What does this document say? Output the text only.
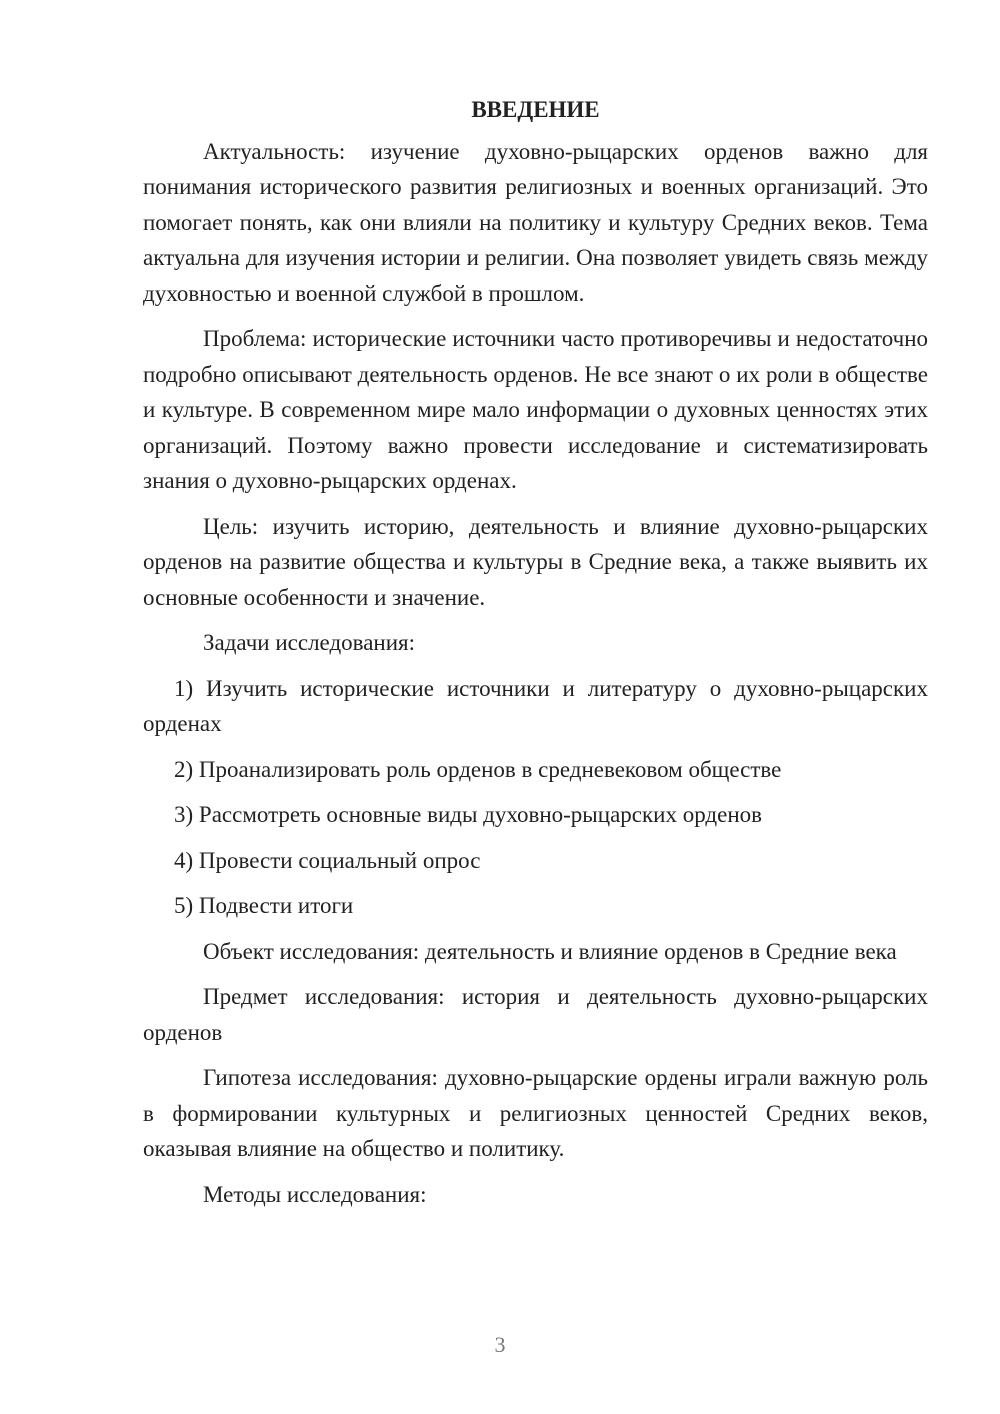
ВВЕДЕНИЕ

Актуальность: изучение духовно-рыцарских орденов важно для понимания исторического развития религиозных и военных организаций. Это помогает понять, как они влияли на политику и культуру Средних веков. Тема актуальна для изучения истории и религии. Она позволяет увидеть связь между духовностью и военной службой в прошлом.

Проблема: исторические источники часто противоречивы и недостаточно подробно описывают деятельность орденов. Не все знают о их роли в обществе и культуре. В современном мире мало информации о духовных ценностях этих организаций. Поэтому важно провести исследование и систематизировать знания о духовно-рыцарских орденах.

Цель: изучить историю, деятельность и влияние духовно-рыцарских орденов на развитие общества и культуры в Средние века, а также выявить их основные особенности и значение.

Задачи исследования:

1) Изучить исторические источники и литературу о духовно-рыцарских орденах

2) Проанализировать роль орденов в средневековом обществе

3) Рассмотреть основные виды духовно-рыцарских орденов

4) Провести социальный опрос

5) Подвести итоги

Объект исследования: деятельность и влияние орденов в Средние века

Предмет исследования: история и деятельность духовно-рыцарских орденов

Гипотеза исследования: духовно-рыцарские ордены играли важную роль в формировании культурных и религиозных ценностей Средних веков, оказывая влияние на общество и политику.

Методы исследования:

3
